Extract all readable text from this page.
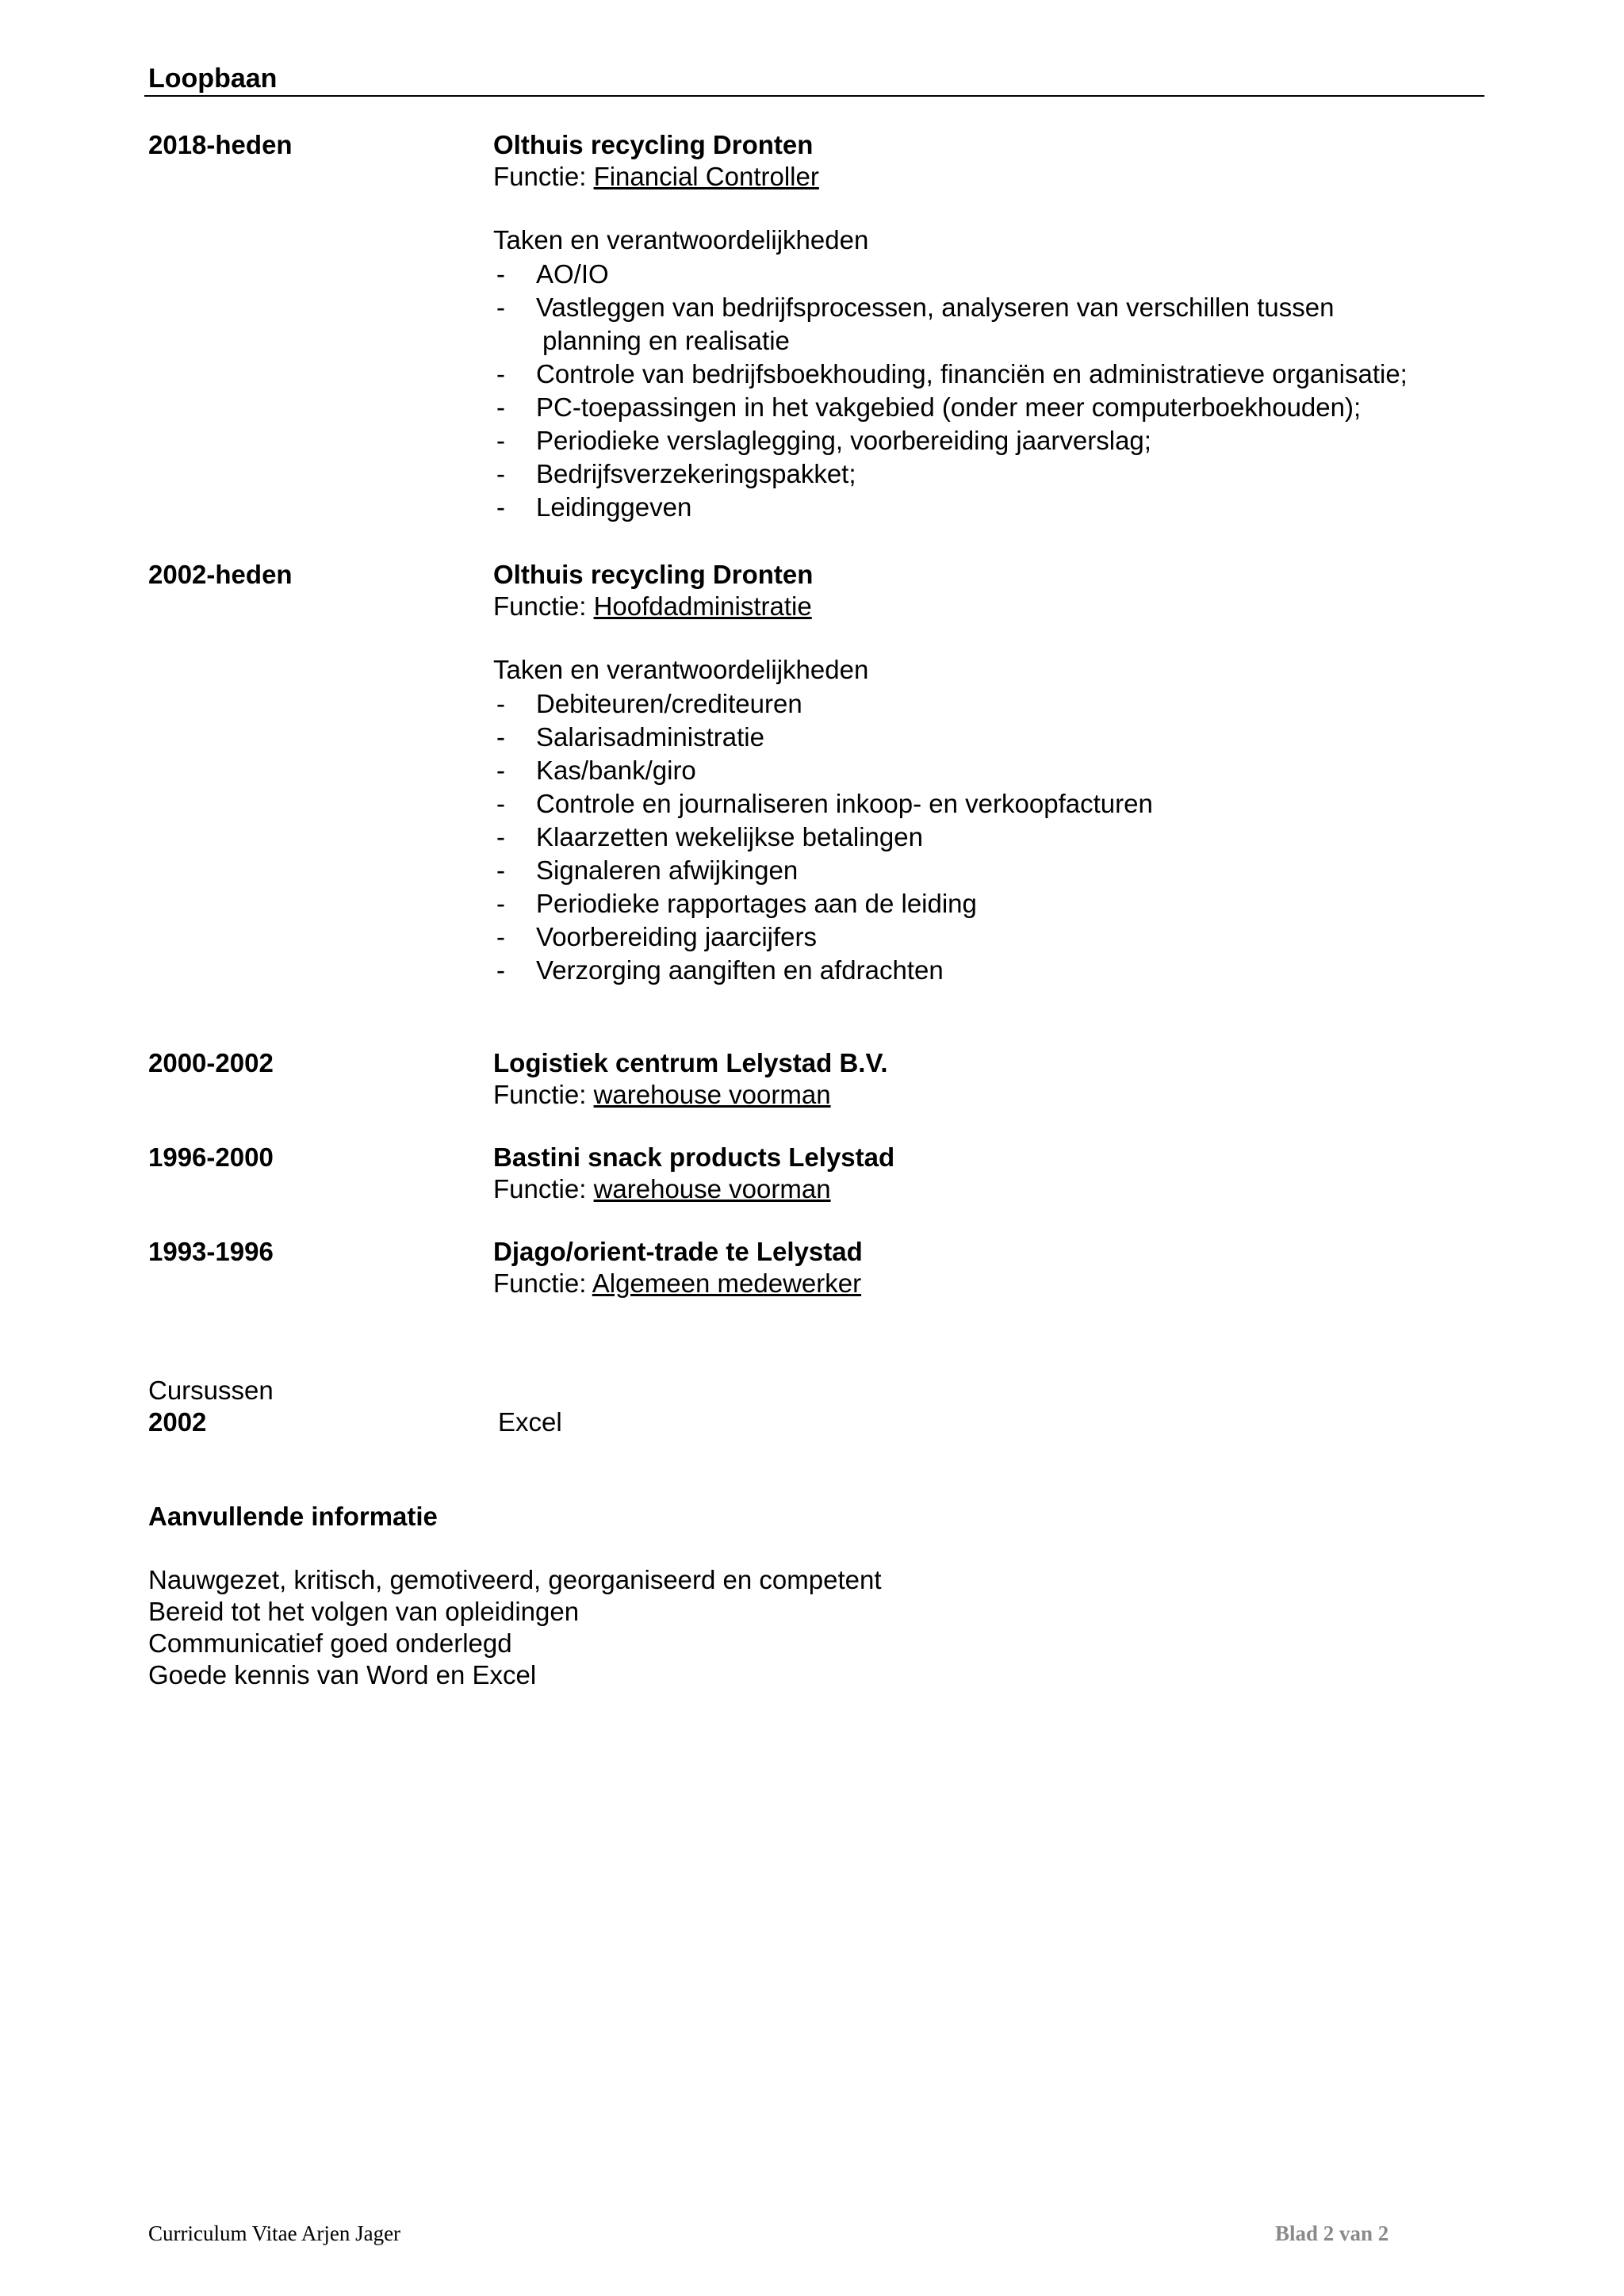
Loopbaan
2018-heden	Olthuis recycling Dronten
Functie: Financial Controller
Taken en verantwoordelijkheden
- AO/IO
- Vastleggen van bedrijfsprocessen, analyseren van verschillen tussen
planning en realisatie
- Controle van bedrijfsboekhouding, financiën en administratieve organisatie;
- PC-toepassingen in het vakgebied (onder meer computerboekhouden);
- Periodieke verslaglegging, voorbereiding jaarverslag;
- Bedrijfsverzekeringspakket;
- Leidinggeven
2002-heden	Olthuis recycling Dronten
Functie: Hoofdadministratie
Taken en verantwoordelijkheden
- Debiteuren/crediteuren
- Salarisadministratie
- Kas/bank/giro
- Controle en journaliseren inkoop- en verkoopfacturen
- Klaarzetten wekelijkse betalingen
- Signaleren afwijkingen
- Periodieke rapportages aan de leiding
- Voorbereiding jaarcijfers
- Verzorging aangiften en afdrachten
2000-2002	Logistiek centrum Lelystad B.V.
Functie: warehouse voorman
1996-2000	Bastini snack products Lelystad
Functie: warehouse voorman
1993-1996	Djago/orient-trade te Lelystad
Functie: Algemeen medewerker
Cursussen
2002	Excel
Aanvullende informatie
Nauwgezet, kritisch, gemotiveerd, georganiseerd en competent
Bereid tot het volgen van opleidingen
Communicatief goed onderlegd
Goede kennis van Word en Excel
Curriculum Vitae Arjen Jager	Blad 2 van 2
